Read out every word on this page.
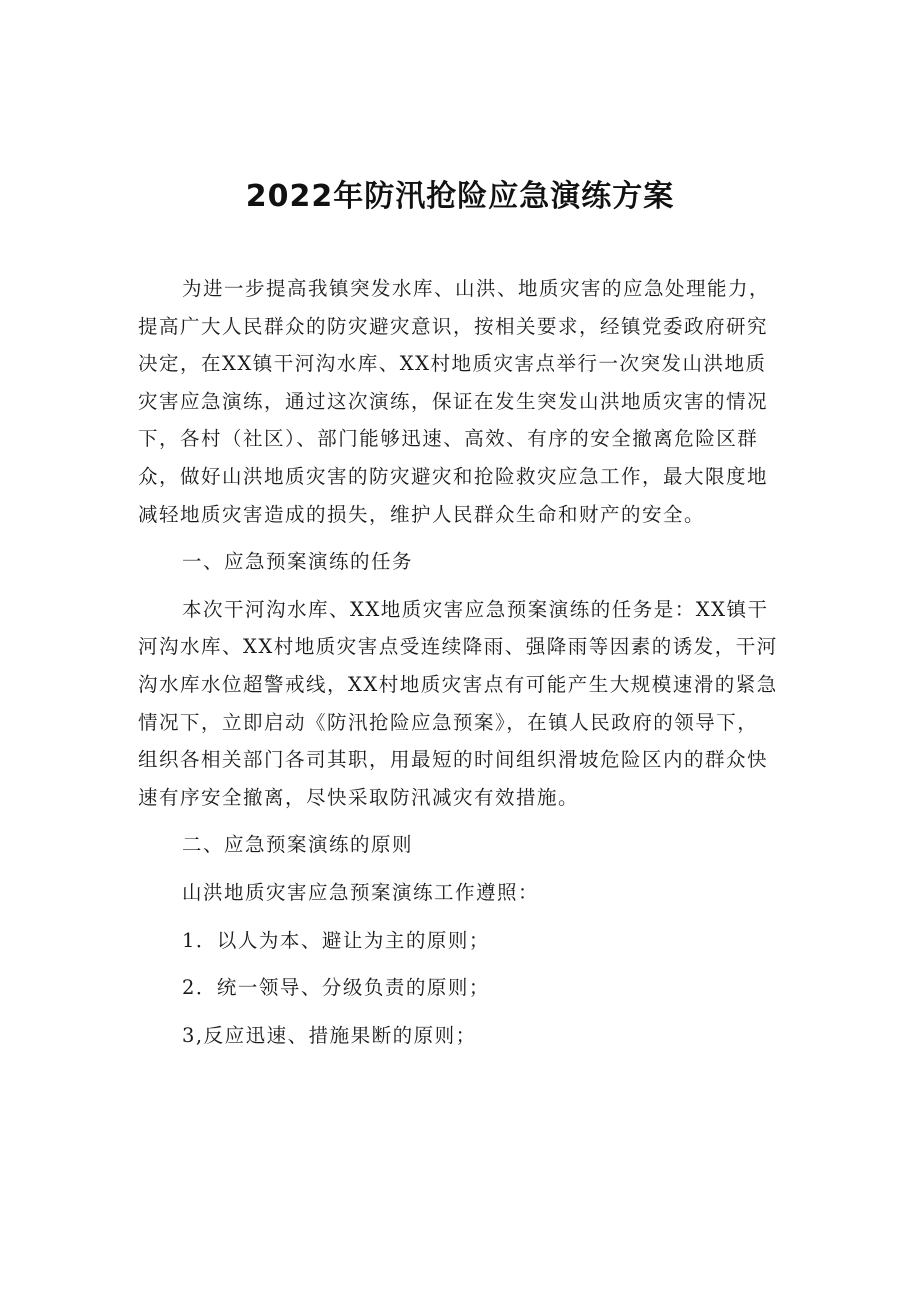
2022年防汛抢险应急演练方案
为进一步提高我镇突发水库、山洪、地质灾害的应急处理能力，
提高广大人民群众的防灾避灾意识，按相关要求，经镇党委政府研究
决定，在XX镇干河沟水库、XX村地质灾害点举行一次突发山洪地质
灾害应急演练，通过这次演练，保证在发生突发山洪地质灾害的情况
下，各村（社区）、部门能够迅速、高效、有序的安全撤离危险区群
众，做好山洪地质灾害的防灾避灾和抢险救灾应急工作，最大限度地
减轻地质灾害造成的损失，维护人民群众生命和财产的安全。
一、应急预案演练的任务
本次干河沟水库、XX地质灾害应急预案演练的任务是：XX镇干
河沟水库、XX村地质灾害点受连续降雨、强降雨等因素的诱发，干河
沟水库水位超警戒线，XX村地质灾害点有可能产生大规模速滑的紧急
情况下，立即启动《防汛抢险应急预案》，在镇人民政府的领导下，
组织各相关部门各司其职，用最短的时间组织滑坡危险区内的群众快
速有序安全撤离，尽快采取防汛减灾有效措施。
二、应急预案演练的原则
山洪地质灾害应急预案演练工作遵照：
1．以人为本、避让为主的原则；
2．统一领导、分级负责的原则；
3,反应迅速、措施果断的原则；
